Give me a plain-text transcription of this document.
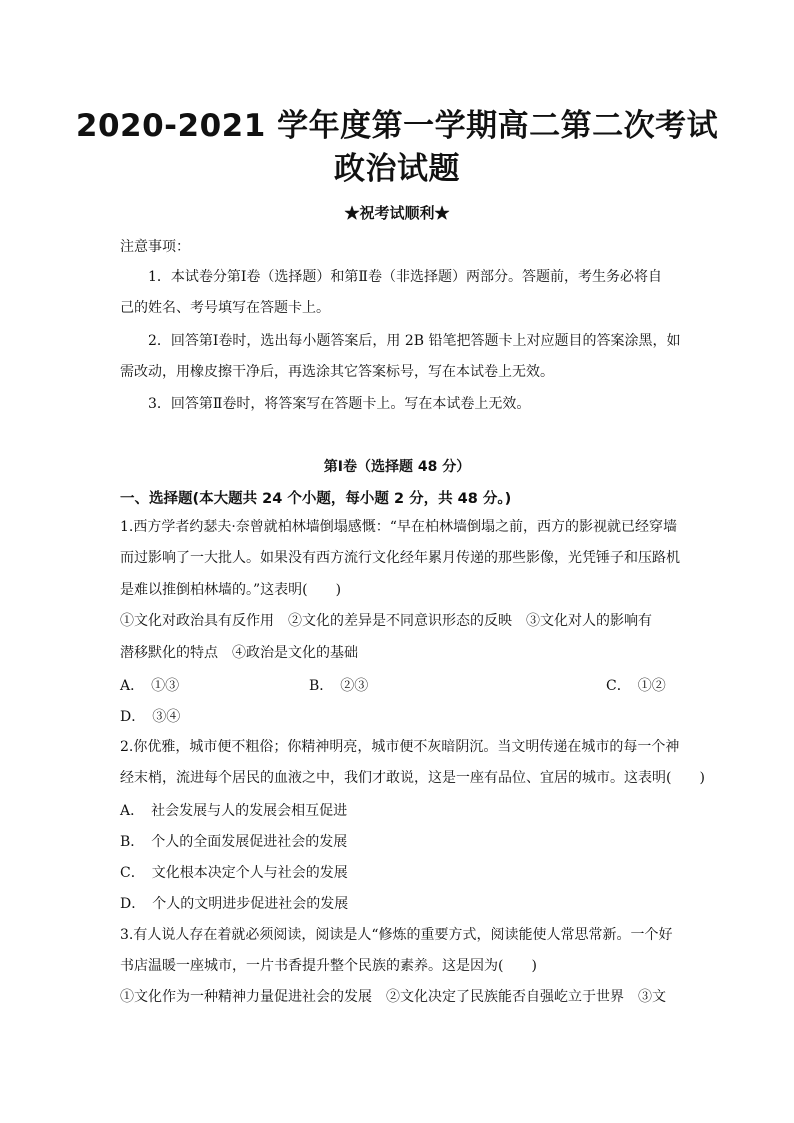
2020-2021 学年度第一学期高二第二次考试
政治试题
★祝考试顺利★
注意事项：
1．本试卷分第Ⅰ卷（选择题）和第Ⅱ卷（非选择题）两部分。答题前，考生务必将自
己的姓名、考号填写在答题卡上。
2．回答第Ⅰ卷时，选出每小题答案后，用 2B 铅笔把答题卡上对应题目的答案涂黑，如
需改动，用橡皮擦干净后，再选涂其它答案标号，写在本试卷上无效。
3．回答第Ⅱ卷时，将答案写在答题卡上。写在本试卷上无效。
第Ⅰ卷（选择题 48 分）
一、选择题(本大题共 24 个小题，每小题 2 分，共 48 分。)
1.西方学者约瑟夫·奈曾就柏林墙倒塌感慨：“早在柏林墙倒塌之前，西方的影视就已经穿墙
而过影响了一大批人。如果没有西方流行文化经年累月传递的那些影像，光凭锤子和压路机
是难以推倒柏林墙的。”这表明(　　)
①文化对政治具有反作用　②文化的差异是不同意识形态的反映　③文化对人的影响有
潜移默化的特点　④政治是文化的基础
A．　①③	B．　②③	C．　①②
D．　③④
2.你优雅，城市便不粗俗；你精神明亮，城市便不灰暗阴沉。当文明传递在城市的每一个神
经末梢，流进每个居民的血液之中，我们才敢说，这是一座有品位、宜居的城市。这表明(　　)
A．　社会发展与人的发展会相互促进
B．　个人的全面发展促进社会的发展
C．　文化根本决定个人与社会的发展
D．　个人的文明进步促进社会的发展
3.有人说人存在着就必须阅读，阅读是人“修炼的重要方式，阅读能使人常思常新。一个好
书店温暖一座城市，一片书香提升整个民族的素养。这是因为(　　)
①文化作为一种精神力量促进社会的发展　②文化决定了民族能否自强屹立于世界　③文
